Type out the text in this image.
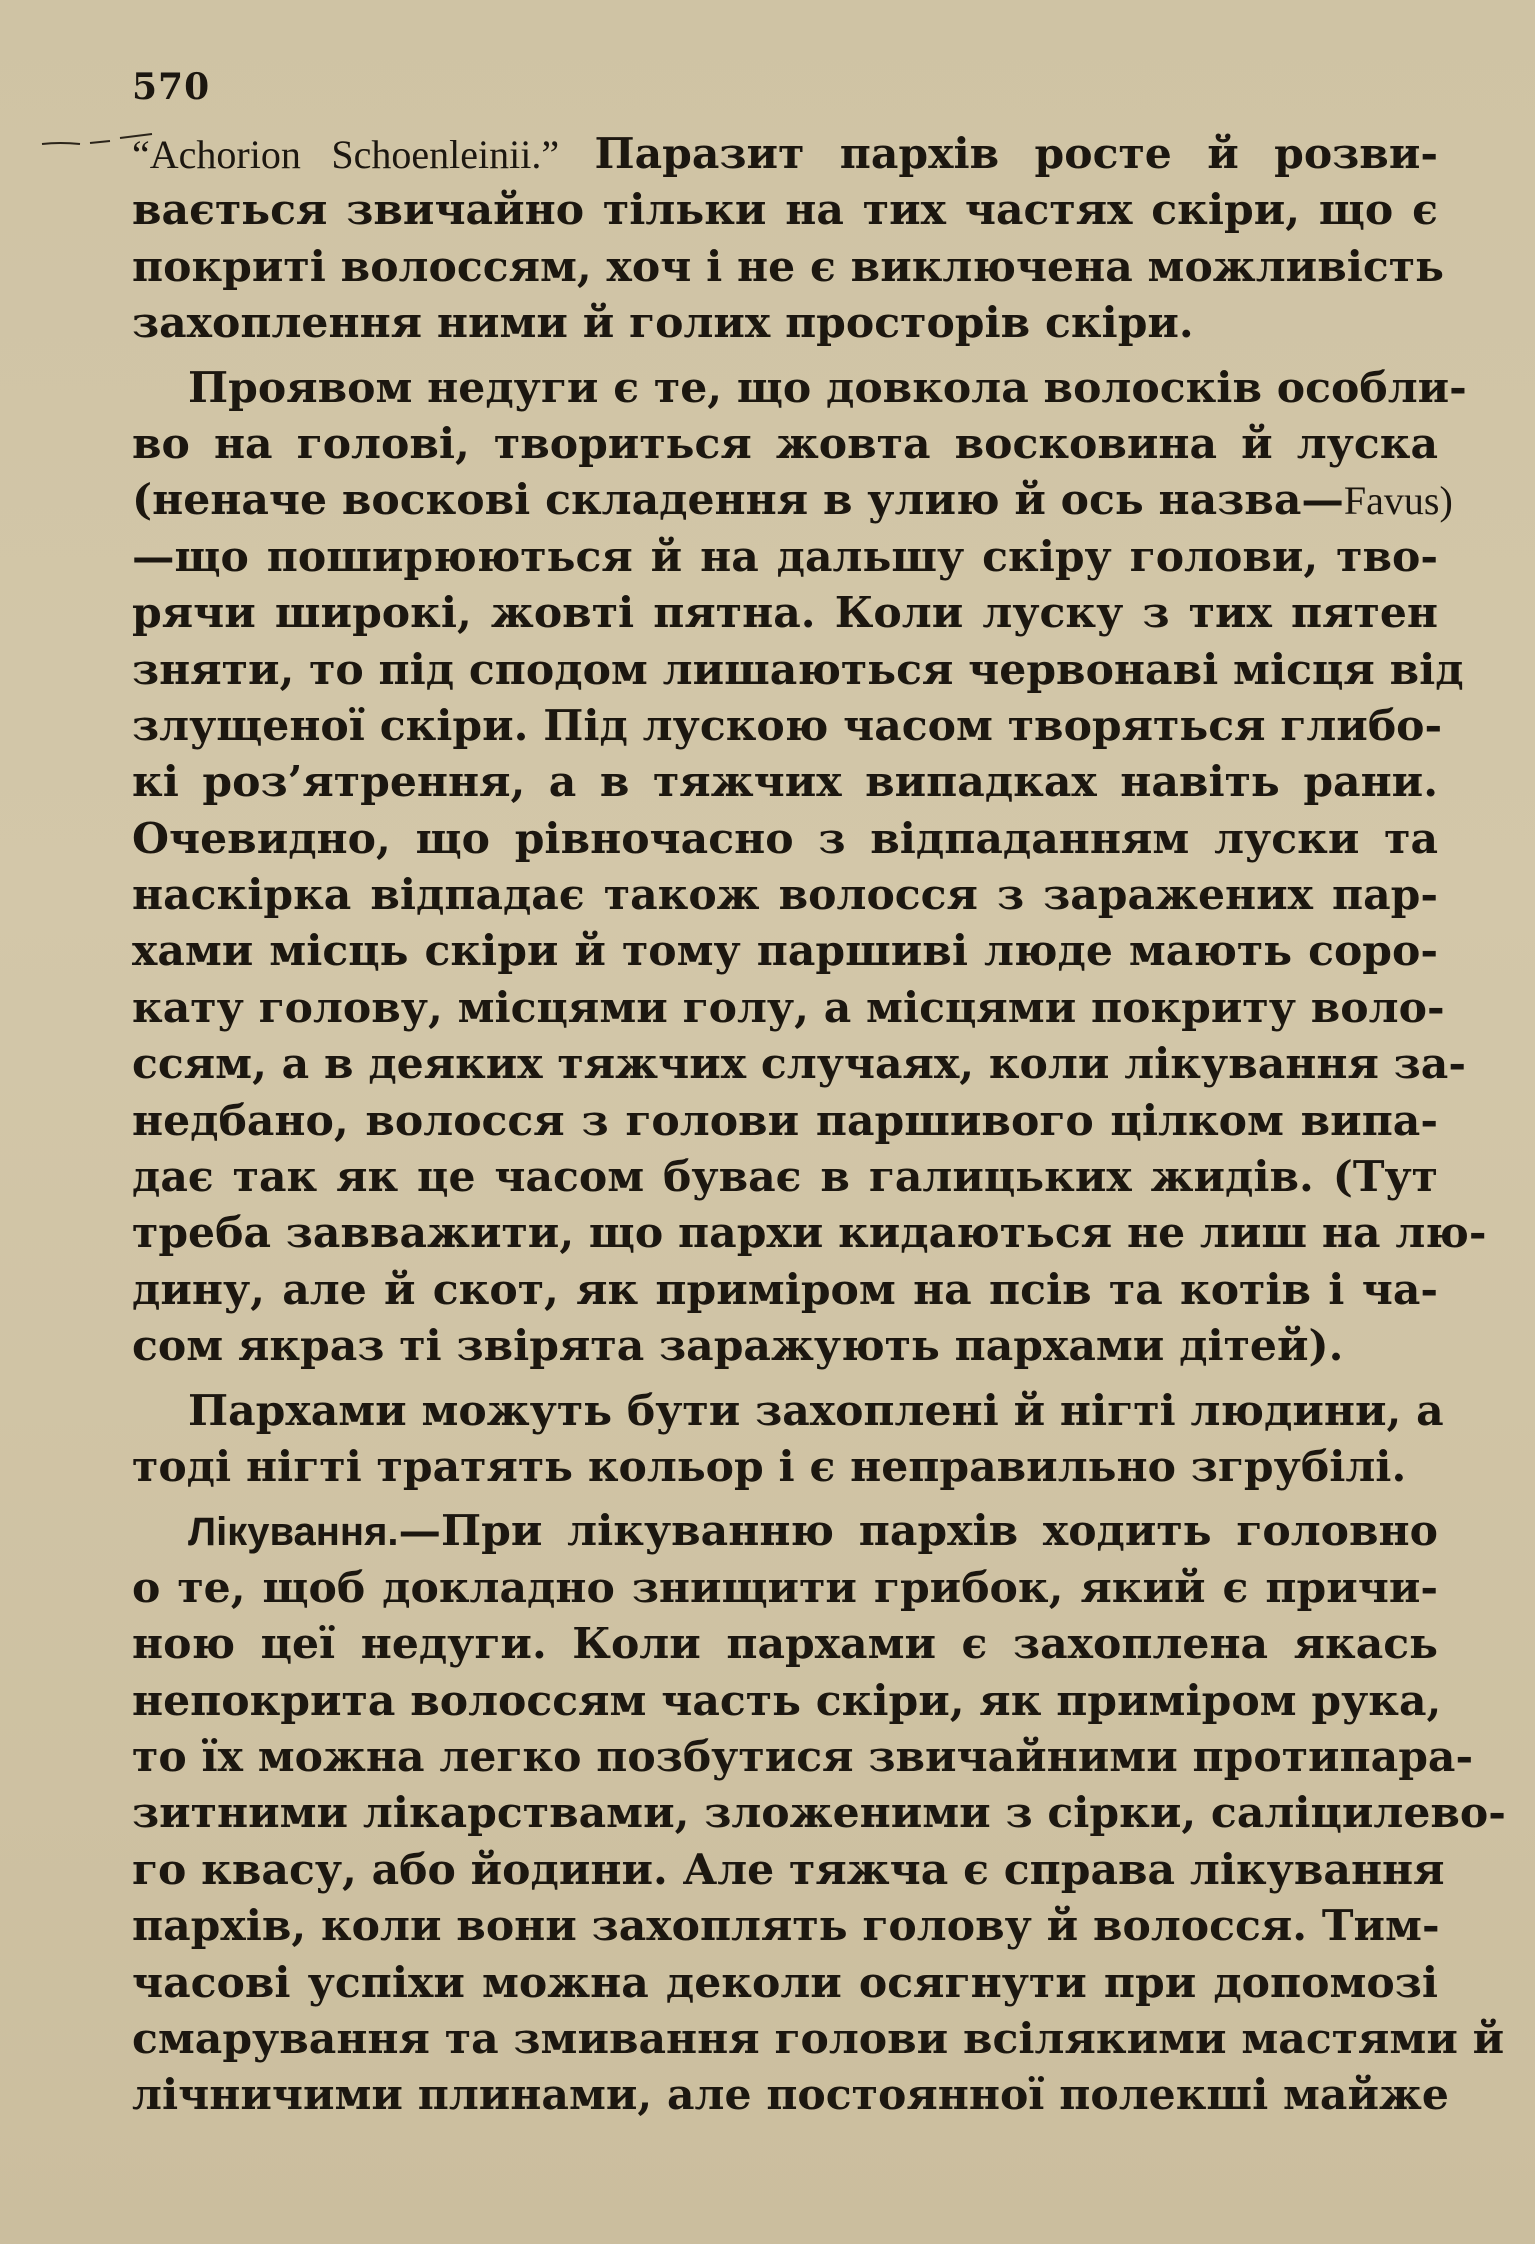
570
“Achorion Schoenleinii.” Паразит пархів росте й розви-
вається звичайно тільки на тих частях скіри, що є
покриті волоссям, хоч і не є виключена можливість
захоплення ними й голих просторів скіри.
Проявом недуги є те, що довкола волосків особли-
во на голові, твориться жовта восковина й луска
(неначе воскові складення в улию й ось назва—Favus)
—що поширюються й на дальшу скіру голови, тво-
рячи широкі, жовті пятна. Коли луску з тих пятен
зняти, то під сподом лишаються червонаві місця від
злущеної скіри. Під лускою часом творяться глибо-
кі роз’ятрення, а в тяжчих випадках навіть рани.
Очевидно, що рівночасно з відпаданням луски та
наскірка відпадає також волосся з заражених пар-
хами місць скіри й тому паршиві люде мають соро-
кату голову, місцями голу, а місцями покриту воло-
ссям, а в деяких тяжчих случаях, коли лікування за-
недбано, волосся з голови паршивого цілком випа-
дає так як це часом буває в галицьких жидів. (Тут
треба завважити, що пархи кидаються не лиш на лю-
дину, але й скот, як приміром на псів та котів і ча-
сом якраз ті звірята заражують пархами дітей).
Пархами можуть бути захоплені й нігті людини, а
тоді нігті тратять кольор і є неправильно згрубілі.
Лікування.—При лікуванню пархів ходить головно
о те, щоб докладно знищити грибок, який є причи-
ною цеї недуги. Коли пархами є захоплена якась
непокрита волоссям часть скіри, як приміром рука,
то їх можна легко позбутися звичайними протипара-
зитними лікарствами, зложеними з сірки, саліцилево-
го квасу, або йодини. Але тяжча є справа лікування
пархів, коли вони захоплять голову й волосся. Тим-
часові успіхи можна деколи осягнути при допомозі
смарування та змивання голови всілякими мастями й
лічничими плинами, але постоянної полекші майже
